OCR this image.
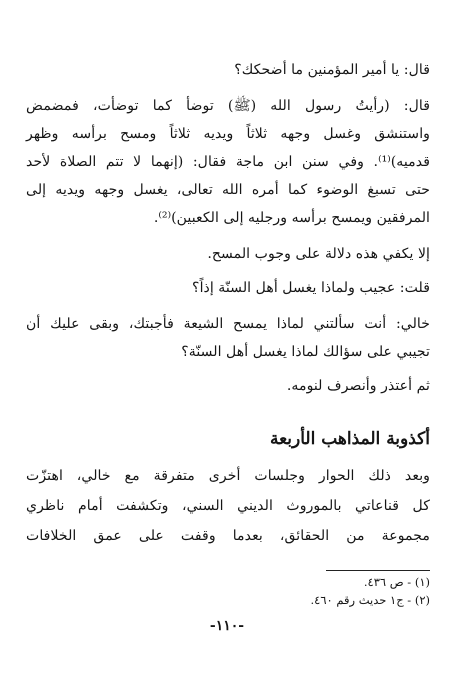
قال: يا أمير المؤمنين ما أضحكك؟
قال: (رأيتُ رسول الله (ﷺ) توضأ كما توضأت، فمضمض
واستنشق وغسل وجهه ثلاثاً ويديه ثلاثاً ومسح برأسه وظهر
قدميه)⁽¹⁾. وفي سنن ابن ماجة فقال: (إنهما لا تتم الصلاة لأحد
حتى تسبغ الوضوء كما أمره الله تعالى، يغسل وجهه ويديه إلى
المرفقين ويمسح برأسه ورجليه إلى الكعبين)⁽²⁾.
إلا يكفي هذه دلالة على وجوب المسح.
قلت: عجيب ولماذا يغسل أهل السنّة إذاً؟
خالي: أنت سألتني لماذا يمسح الشيعة فأجبتك، وبقى عليك أن
تجيبي على سؤالك لماذا يغسل أهل السنّة؟
ثم أعتذر وأنصرف لنومه.
أكذوبة المذاهب الأربعة
وبعد ذلك الحوار وجلسات أخرى متفرقة مع خالي، اهتزّت
كل قناعاتي بالموروث الديني السني، وتكشفت أمام ناظري
مجموعة من الحقائق، بعدما وقفت على عمق الخلافات
(١) - ص ٤٣٦.
(٢) - ج١ حديث رقم ٤٦٠.
-١١٠-
